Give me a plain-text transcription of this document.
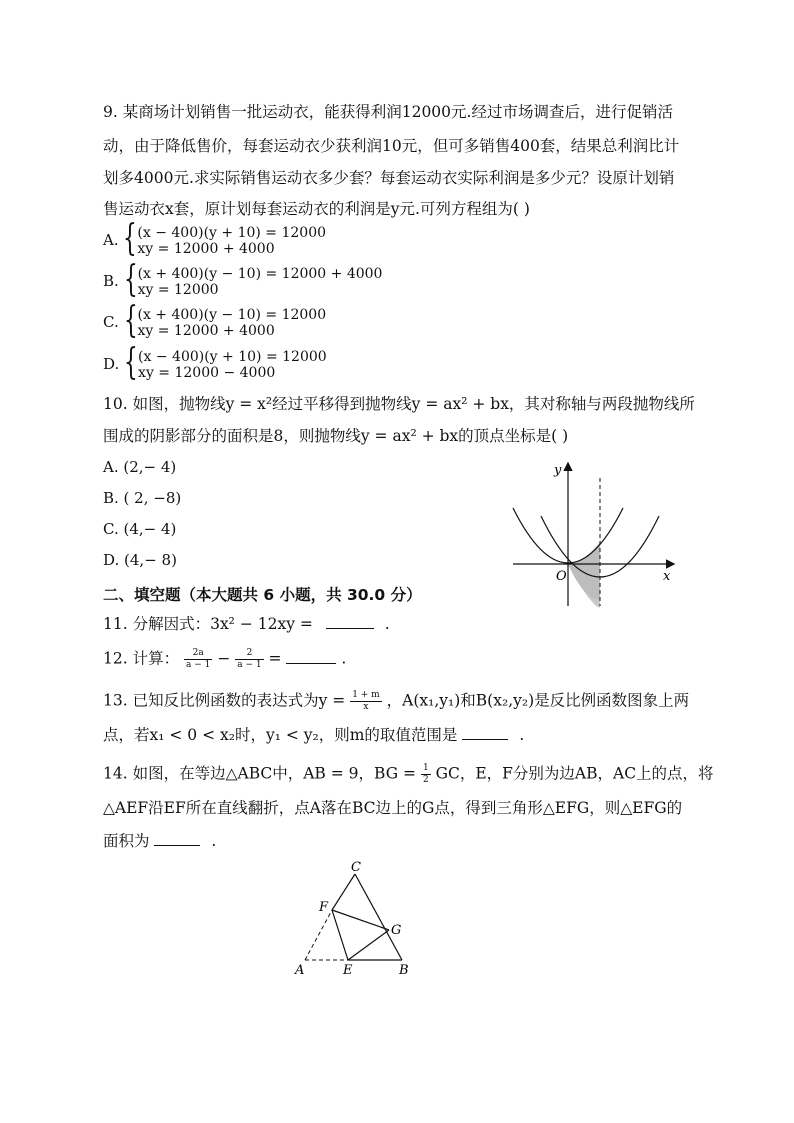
9. 某商场计划销售一批运动衣，能获得利润12000元.经过市场调查后，进行促销活
动，由于降低售价，每套运动衣少获利润10元，但可多销售400套，结果总利润比计
划多4000元.求实际销售运动衣多少套？每套运动衣实际利润是多少元？设原计划销
售运动衣x套，原计划每套运动衣的利润是y元.可列方程组为( )
A. { (x − 400)(y + 10) = 12000
xy = 12000 + 4000
B. { (x + 400)(y − 10) = 12000 + 4000
xy = 12000
C. { (x + 400)(y − 10) = 12000
xy = 12000 + 4000
D. { (x − 400)(y + 10) = 12000
xy = 12000 − 4000
10. 如图，抛物线y = x²经过平移得到抛物线y = ax² + bx，其对称轴与两段抛物线所
围成的阴影部分的面积是8，则抛物线y = ax² + bx的顶点坐标是( )
A. (2,− 4)
B. ( 2, −8)
C. (4,− 4)
D. (4,− 8)
y
x
O
二、填空题（本大题共 6 小题，共 30.0 分）
11. 分解因式：3x² − 12xy =	.
12. 计算： $\frac{2a}{a - 1} - \frac{2}{a - 1}$ =	.
13. 已知反比例函数的表达式为$y = \frac{1 + m}{x}$ ，A(x₁,y₁)和B(x₂,y₂)是反比例函数图象上两
点，若x₁ < 0 < x₂时，y₁ < y₂，则m的取值范围是	.
14. 如图，在等边△ABC中，AB = 9，BG = $\frac{1}{2}$ GC，E，F分别为边AB，AC上的点，将
△AEF沿EF所在直线翻折，点A落在BC边上的G点，得到三角形△EFG，则△EFG的
面积为	.
C
F
G
A	E	B
